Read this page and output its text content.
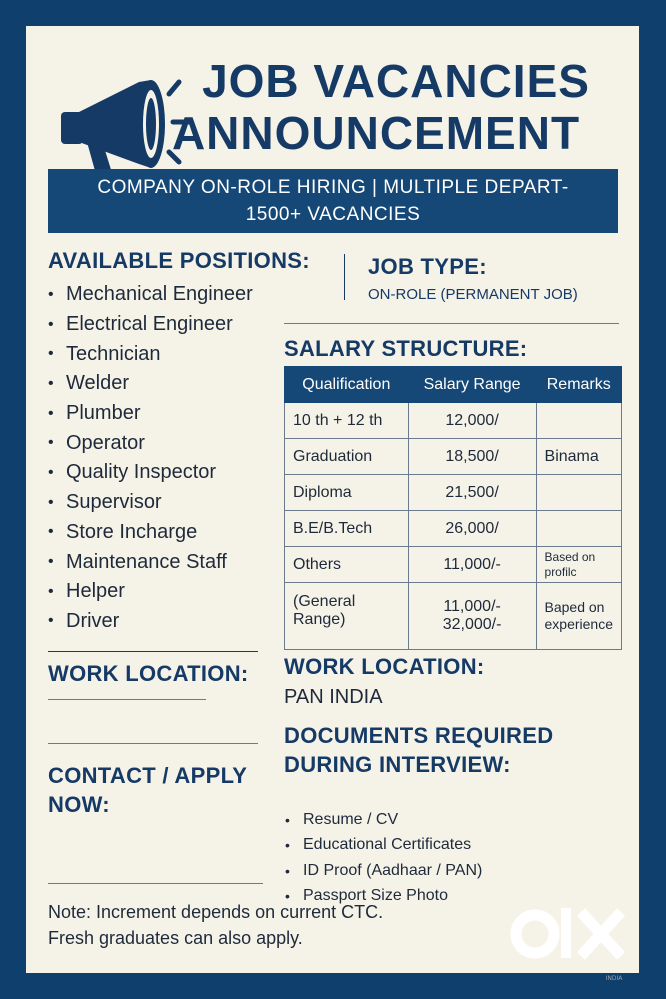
JOB VACANCIES
ANNOUNCEMENT
COMPANY ON-ROLE HIRING | MULTIPLE DEPART-
1500+ VACANCIES
AVAILABLE POSITIONS:
• Mechanical Engineer
• Electrical Engineer
• Technician
• Welder
• Plumber
• Operator
• Quality Inspector
• Supervisor
• Store Incharge
• Maintenance Staff
• Helper
• Driver
WORK LOCATION:
CONTACT / APPLY
NOW:
JOB TYPE:
ON-ROLE (PERMANENT JOB)
SALARY STRUCTURE:
Qualification	Salary Range	Remarks
10 th + 12 th	12,000/	
Graduation	18,500/	Binama
Diploma	21,500/	
B.E/B.Tech	26,000/	
Others	11,000/-	Based on profilc
(General Range)	11,000/- 32,000/-	Baped on experience
WORK LOCATION:
PAN INDIA
DOCUMENTS REQUIRED
DURING INTERVIEW:
• Resume / CV
• Educational Certificates
• ID Proof (Aadhaar / PAN)
• Passport Size Photo
Note: Increment depends on current CTC.
Fresh graduates can also apply.
INDIA
